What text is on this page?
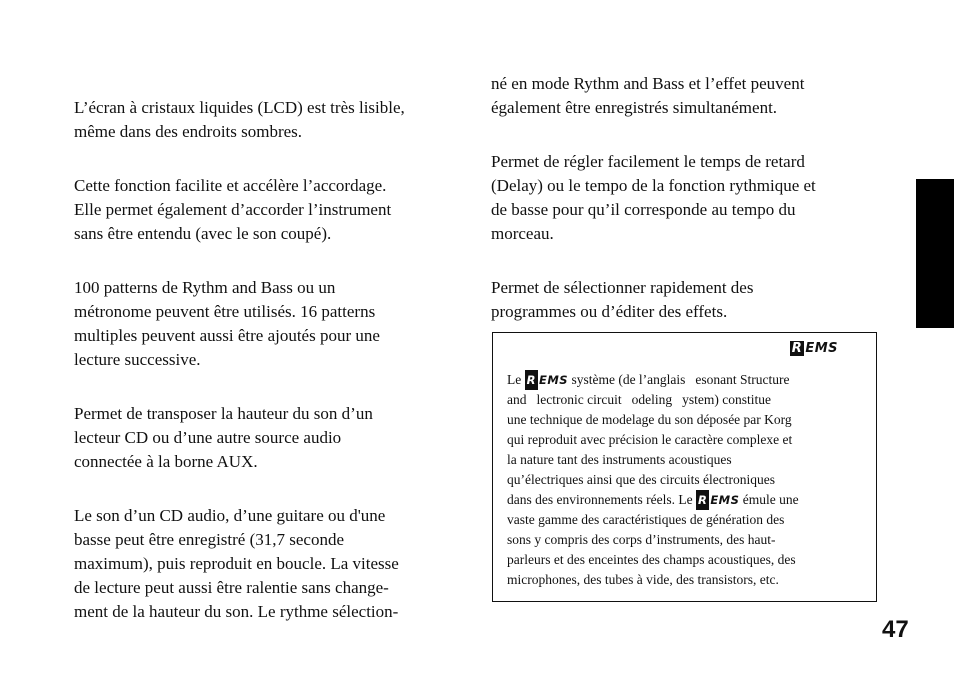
L’écran à cristaux liquides (LCD) est très lisible,
même dans des endroits sombres.

Cette fonction facilite et accélère l’accordage.
Elle permet également d’accorder l’instrument
sans être entendu (avec le son coupé).

100 patterns de Rythm and Bass ou un
métronome peuvent être utilisés. 16 patterns
multiples peuvent aussi être ajoutés pour une
lecture successive.

Permet de transposer la hauteur du son d’un
lecteur CD ou d’une autre source audio
connectée à la borne AUX.

Le son d’un CD audio, d’une guitare ou d'une
basse peut être enregistré (31,7 seconde
maximum), puis reproduit en boucle. La vitesse
de lecture peut aussi être ralentie sans change-
ment de la hauteur du son. Le rythme sélection-

né en mode Rythm and Bass et l’effet peuvent
également être enregistrés simultanément.

Permet de régler facilement le temps de retard
(Delay) ou le tempo de la fonction rythmique et
de basse pour qu’il corresponde au tempo du
morceau.

Permet de sélectionner rapidement des
programmes ou d’éditer des effets.

R EMS

Le R EMS système (de l’anglais esonant Structure
and lectronic circuit odeling ystem) constitue
une technique de modelage du son déposée par Korg
qui reproduit avec précision le caractère complexe et
la nature tant des instruments acoustiques
qu’électriques ainsi que des circuits électroniques
dans des environnements réels. Le R EMS émule une
vaste gamme des caractéristiques de génération des
sons y compris des corps d’instruments, des haut-
parleurs et des enceintes des champs acoustiques, des
microphones, des tubes à vide, des transistors, etc.

47
